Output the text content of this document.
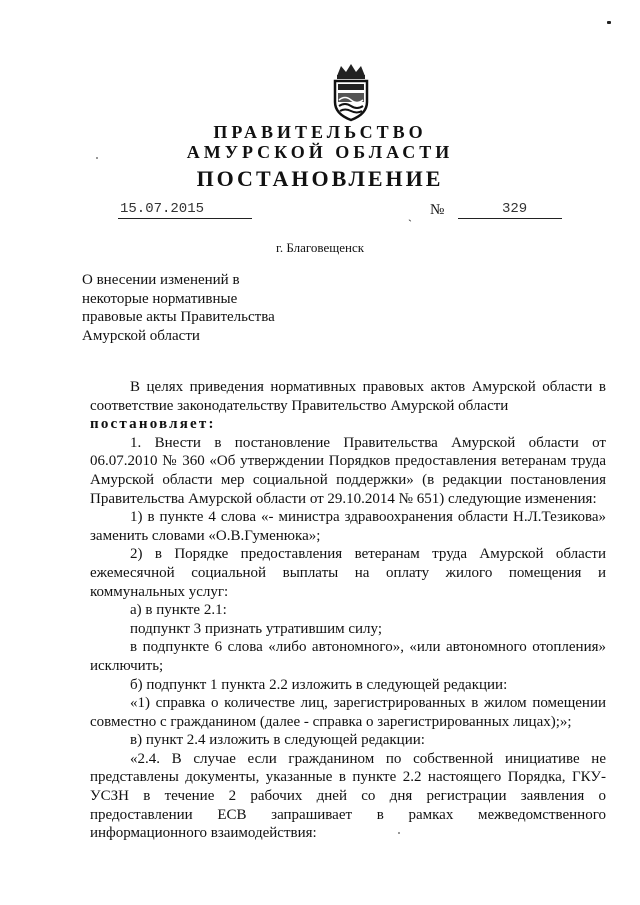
ПРАВИТЕЛЬСТВО
АМУРСКОЙ ОБЛАСТИ
ПОСТАНОВЛЕНИЕ
15.07.2015	ˎ №	329
г. Благовещенск
О внесении изменений в
некоторые нормативные
правовые акты Правительства
Амурской области

В целях приведения нормативных правовых актов Амурской области в

соответствие законодательству Правительство Амурской области

постановляет:

1. Внести в постановление Правительства Амурской области от 06.07.2010 № 360 «Об утверждении Порядков предоставления ветеранам труда Амурской области мер социальной поддержки» (в редакции постановления Правительства Амурской области от 29.10.2014 № 651) следующие изменения:

1) в пункте 4 слова «- министра здравоохранения области Н.Л.Тезикова» заменить словами «О.В.Гуменюка»;

2) в Порядке предоставления ветеранам труда Амурской области ежемесячной социальной выплаты на оплату жилого помещения и коммунальных услуг:

а) в пункте 2.1:

подпункт 3 признать утратившим силу;

в подпункте 6 слова «либо автономного», «или автономного отопления» исключить;

б) подпункт 1 пункта 2.2 изложить в следующей редакции:

«1) справка о количестве лиц, зарегистрированных в жилом помещении совместно с гражданином (далее - справка о зарегистрированных лицах);»;

в) пункт 2.4 изложить в следующей редакции:

«2.4. В случае если гражданином по собственной инициативе не представлены документы, указанные в пункте 2.2 настоящего Порядка, ГКУ-УСЗН в течение 2 рабочих дней со дня регистрации заявления о предоставлении ЕСВ запрашивает в рамках межведомственного информационного взаимодействия:
